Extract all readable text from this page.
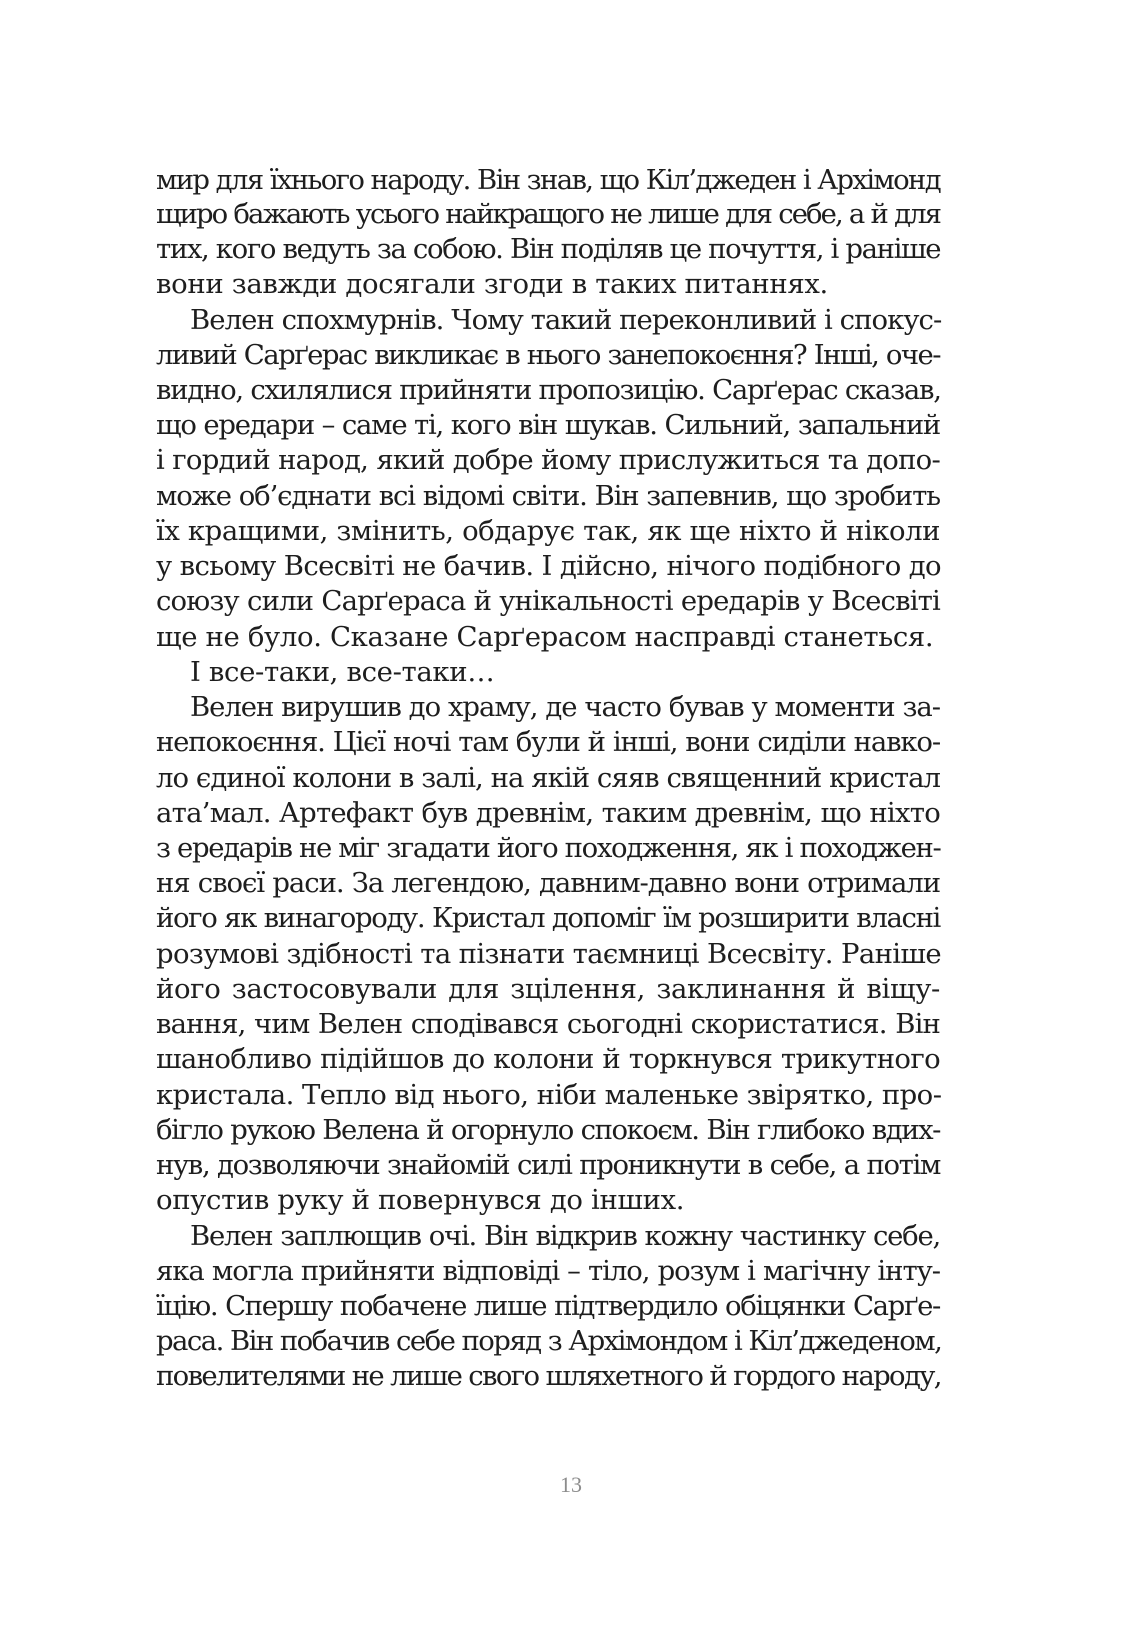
мир для їхнього народу. Він знав, що Кіл’джеден і Архімонд
щиро бажають усього найкращого не лише для себе, а й для
тих, кого ведуть за собою. Він поділяв це почуття, і раніше
вони завжди досягали згоди в таких питаннях.
Велен спохмурнів. Чому такий переконливий і спокус-
ливий Сарґерас викликає в нього занепокоєння? Інші, оче-
видно, схилялися прийняти пропозицію. Сарґерас сказав,
що ередари – саме ті, кого він шукав. Сильний, запальний
і гордий народ, який добре йому прислужиться та допо-
може об’єднати всі відомі світи. Він запевнив, що зробить
їх кращими, змінить, обдарує так, як ще ніхто й ніколи
у всьому Всесвіті не бачив. І дійсно, нічого подібного до
союзу сили Сарґераса й унікальності ередарів у Всесвіті
ще не було. Сказане Сарґерасом насправді станеться.
І все-таки, все-таки…
Велен вирушив до храму, де часто бував у моменти за-
непокоєння. Цієї ночі там були й інші, вони сиділи навко-
ло єдиної колони в залі, на якій сяяв священний кристал
ата’мал. Артефакт був древнім, таким древнім, що ніхто
з ередарів не міг згадати його походження, як і походжен-
ня своєї раси. За легендою, давним-давно вони отримали
його як винагороду. Кристал допоміг їм розширити власні
розумові здібності та пізнати таємниці Всесвіту. Раніше
його застосовували для зцілення, заклинання й віщу-
вання, чим Велен сподівався сьогодні скористатися. Він
шанобливо підійшов до колони й торкнувся трикутного
кристала. Тепло від нього, ніби маленьке звірятко, про-
бігло рукою Велена й огорнуло спокоєм. Він глибоко вдих-
нув, дозволяючи знайомій силі проникнути в себе, а потім
опустив руку й повернувся до інших.
Велен заплющив очі. Він відкрив кожну частинку себе,
яка могла прийняти відповіді – тіло, розум і магічну інту-
їцію. Спершу побачене лише підтвердило обіцянки Сарґе-
раса. Він побачив себе поряд з Архімондом і Кіл’джеденом,
повелителями не лише свого шляхетного й гордого народу,
13
